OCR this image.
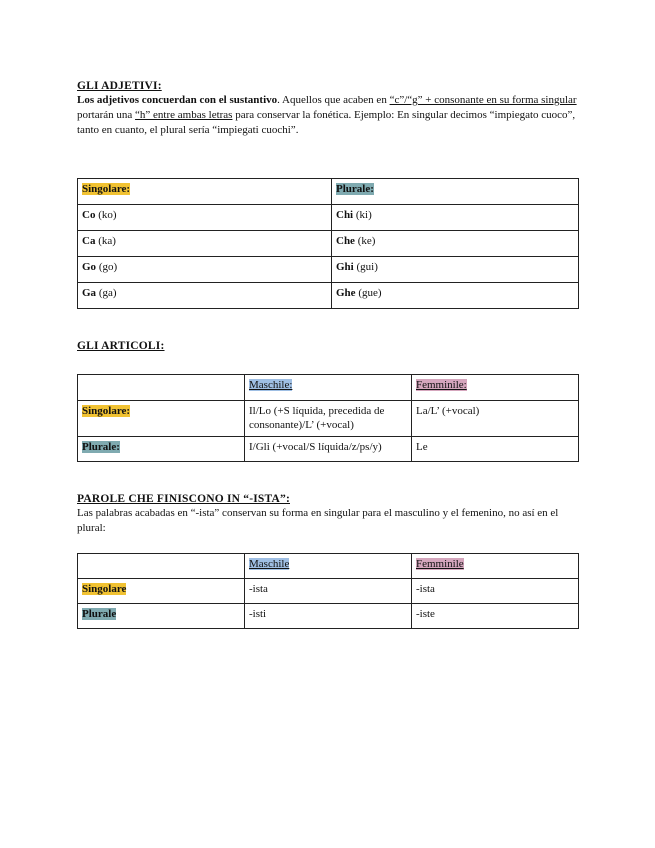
GLI ADJETIVI:

Los adjetivos concuerdan con el sustantivo. Aquellos que acaben en “c”/“g” + consonante en su forma singular portarán una “h” entre ambas letras para conservar la fonética. Ejemplo: En singular decimos “impiegato cuoco”, tanto en cuanto, el plural sería “impiegati cuochi”.

Singolare:	Plurale:
Co (ko)	Chi (ki)
Ca (ka)	Che (ke)
Go (go)	Ghi (gui)
Ga (ga)	Ghe (gue)
GLI ARTICOLI:
	Maschile:	Femminile:
Singolare:	Il/Lo (+S líquida, precedida de consonante)/L’ (+vocal)	La/L’ (+vocal)
Plurale:	I/Gli (+vocal/S líquida/z/ps/y)	Le
PAROLE CHE FINISCONO IN “-ISTA”:

Las palabras acabadas en “-ista” conservan su forma en singular para el masculino y el femenino, no así en el plural:

	Maschile	Femminile
Singolare	-ista	-ista
Plurale	-isti	-iste
